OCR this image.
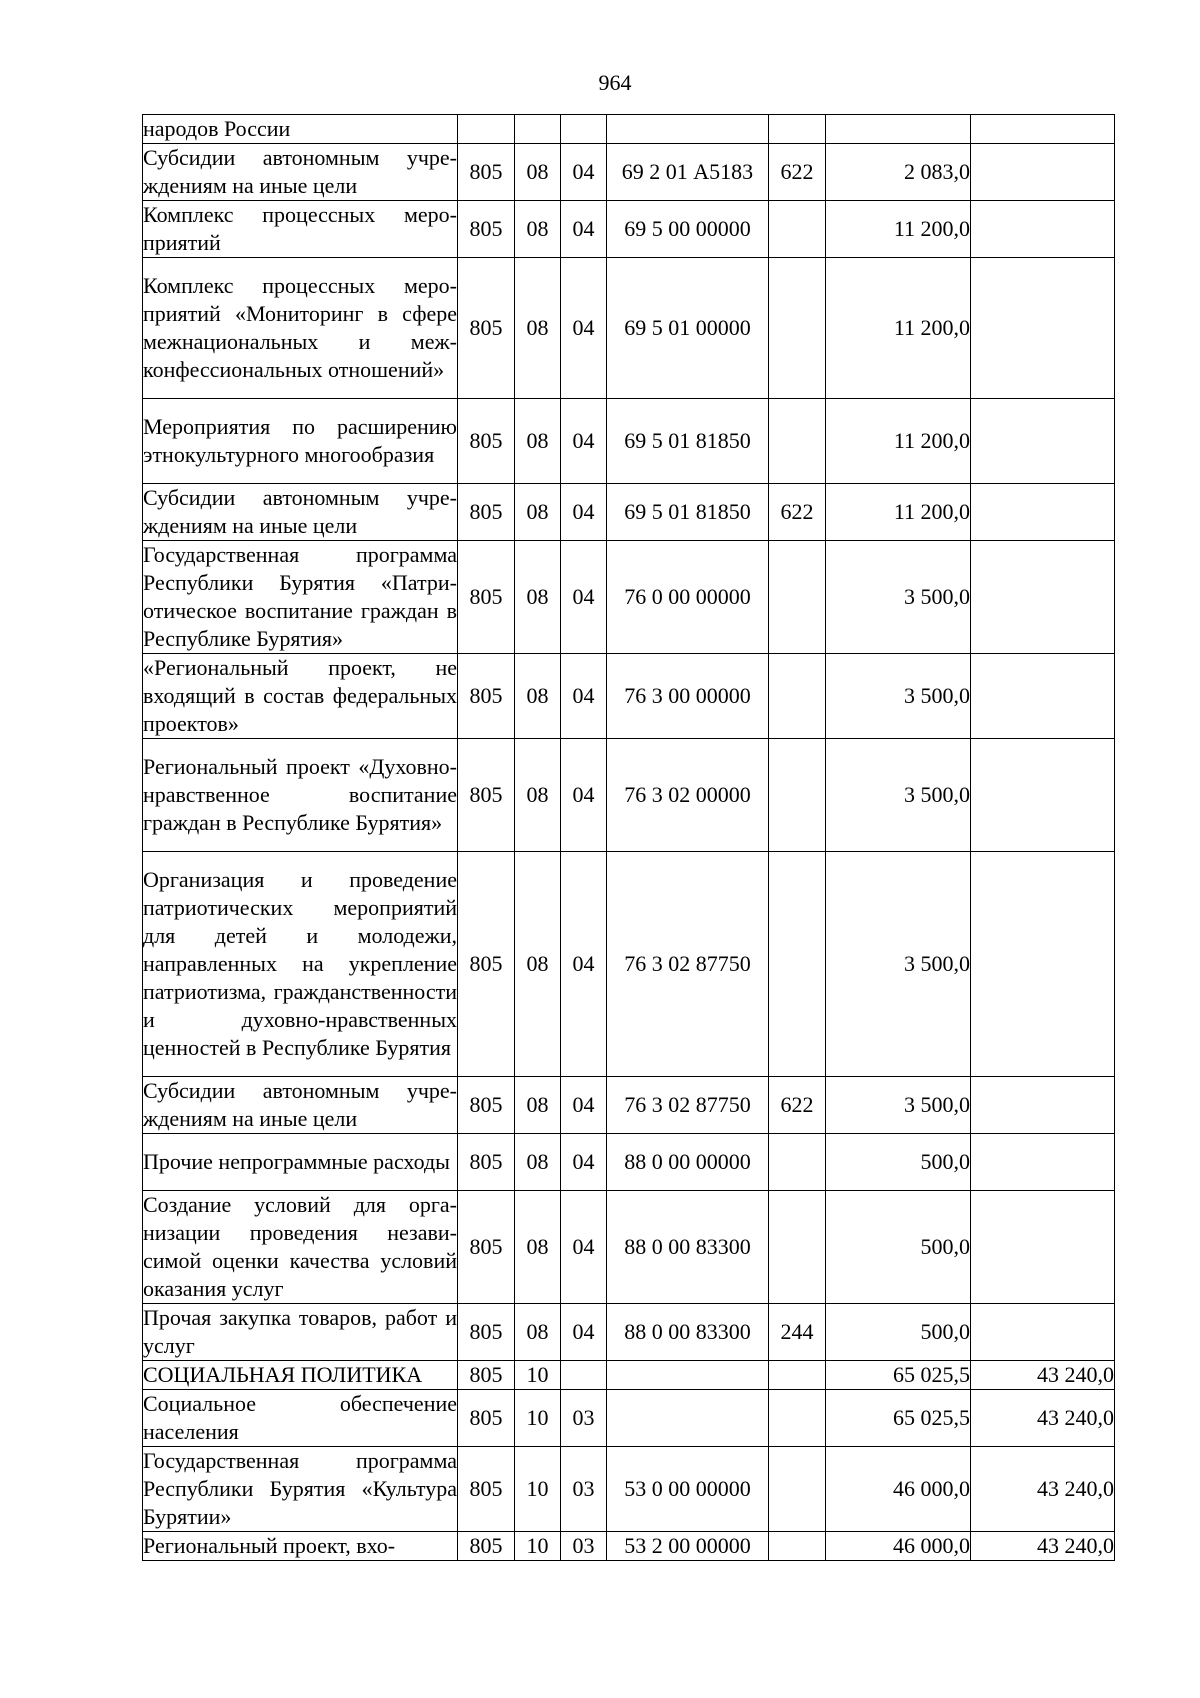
964
народов России							

Субсидии автономным учреждениям на иные цели	805	08	04	69 2 01 А5183	622	2 083,0	

Комплекс процессных мероприятий	805	08	04	69 5 00 00000		11 200,0	

Комплекс процессных мероприятий «Мониторинг в сфере межнациональных и межконфессиональных отношений»	805	08	04	69 5 01 00000		11 200,0	

Мероприятия по расширению этнокультурного многообразия	805	08	04	69 5 01 81850		11 200,0	

Субсидии автономным учреждениям на иные цели	805	08	04	69 5 01 81850	622	11 200,0	

Государственная программа Республики Бурятия «Патриотическое воспитание граждан в Республике Бурятия»	805	08	04	76 0 00 00000		3 500,0	

«Региональный проект, не входящий в состав федеральных проектов»	805	08	04	76 3 00 00000		3 500,0	

Региональный проект «Духовно-нравственное воспитание граждан в Республике Бурятия»	805	08	04	76 3 02 00000		3 500,0	

Организация и проведение патриотических мероприятий для детей и молодежи, направленных на укрепление патриотизма, гражданственности и духовно-нравственных ценностей в Республике Бурятия	805	08	04	76 3 02 87750		3 500,0	

Субсидии автономным учреждениям на иные цели	805	08	04	76 3 02 87750	622	3 500,0	

Прочие непрограммные расходы	805	08	04	88 0 00 00000		500,0	

Создание условий для организации проведения независимой оценки качества условий оказания услуг	805	08	04	88 0 00 83300		500,0	

Прочая закупка товаров, работ и услуг	805	08	04	88 0 00 83300	244	500,0	

СОЦИАЛЬНАЯ ПОЛИТИКА	805	10				65 025,5	43 240,0

Социальное обеспечение населения	805	10	03			65 025,5	43 240,0

Государственная программа Республики Бурятия «Культура Бурятии»	805	10	03	53 0 00 00000		46 000,0	43 240,0

Региональный проект, вхо-	805	10	03	53 2 00 00000		46 000,0	43 240,0
